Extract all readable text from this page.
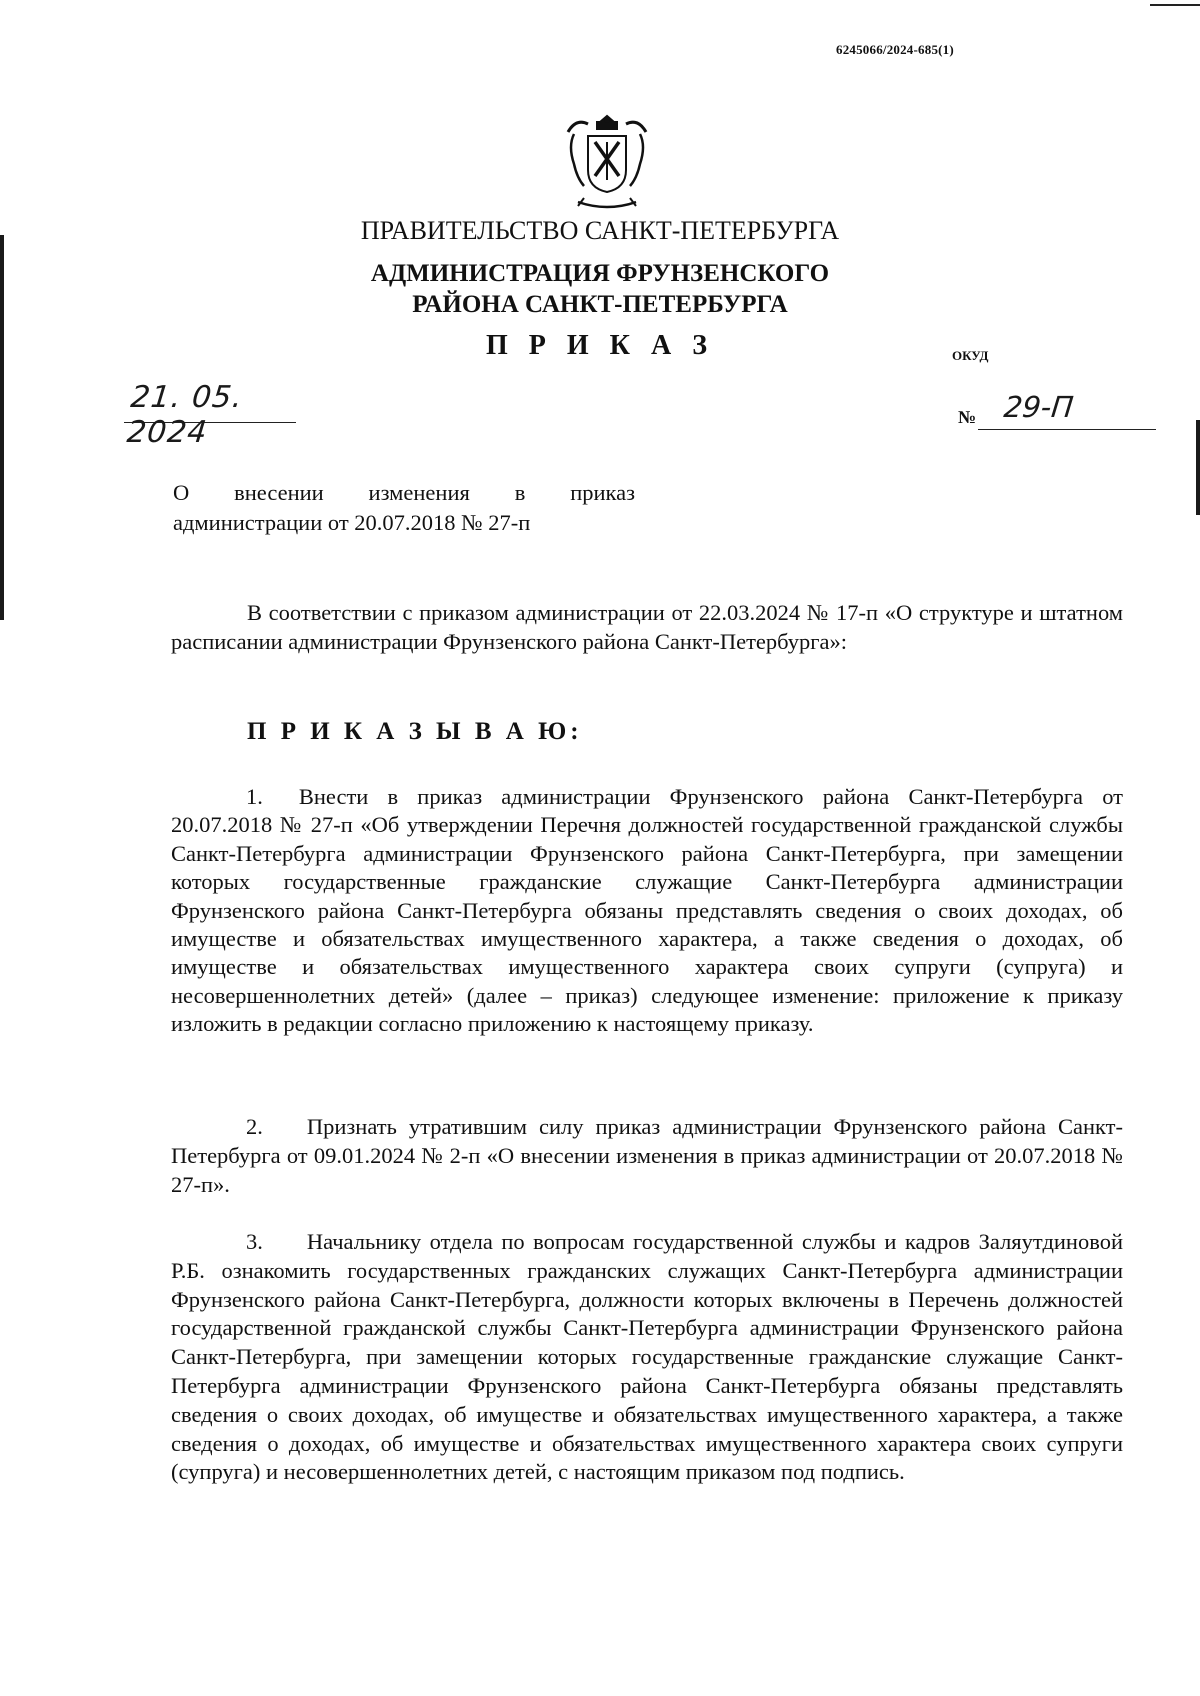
6245066/2024-685(1)
ПРАВИТЕЛЬСТВО САНКТ-ПЕТЕРБУРГА
АДМИНИСТРАЦИЯ ФРУНЗЕНСКОГО
РАЙОНА САНКТ-ПЕТЕРБУРГА
П Р И К А З	ОКУД
21. 05. 2024	№ 29-П
О внесении изменения в приказ
администрации от 20.07.2018 № 27-п
В соответствии с приказом администрации от 22.03.2024 № 17-п «О структуре и штатном расписании администрации Фрунзенского района Санкт-Петербурга»:
П Р И К А З Ы В А Ю:
1. Внести в приказ администрации Фрунзенского района Санкт-Петербурга от 20.07.2018 № 27-п «Об утверждении Перечня должностей государственной гражданской службы Санкт-Петербурга администрации Фрунзенского района Санкт-Петербурга, при замещении которых государственные гражданские служащие Санкт-Петербурга администрации Фрунзенского района Санкт-Петербурга обязаны представлять сведения о своих доходах, об имуществе и обязательствах имущественного характера, а также сведения о доходах, об имуществе и обязательствах имущественного характера своих супруги (супруга) и несовершеннолетних детей» (далее – приказ) следующее изменение: приложение к приказу изложить в редакции согласно приложению к настоящему приказу.
2. Признать утратившим силу приказ администрации Фрунзенского района Санкт-Петербурга от 09.01.2024 № 2-п «О внесении изменения в приказ администрации от 20.07.2018 № 27-п».
3. Начальнику отдела по вопросам государственной службы и кадров Заляутдиновой Р.Б. ознакомить государственных гражданских служащих Санкт-Петербурга администрации Фрунзенского района Санкт-Петербурга, должности которых включены в Перечень должностей государственной гражданской службы Санкт-Петербурга администрации Фрунзенского района Санкт-Петербурга, при замещении которых государственные гражданские служащие Санкт-Петербурга администрации Фрунзенского района Санкт-Петербурга обязаны представлять сведения о своих доходах, об имуществе и обязательствах имущественного характера, а также сведения о доходах, об имуществе и обязательствах имущественного характера своих супруги (супруга) и несовершеннолетних детей, с настоящим приказом под подпись.
